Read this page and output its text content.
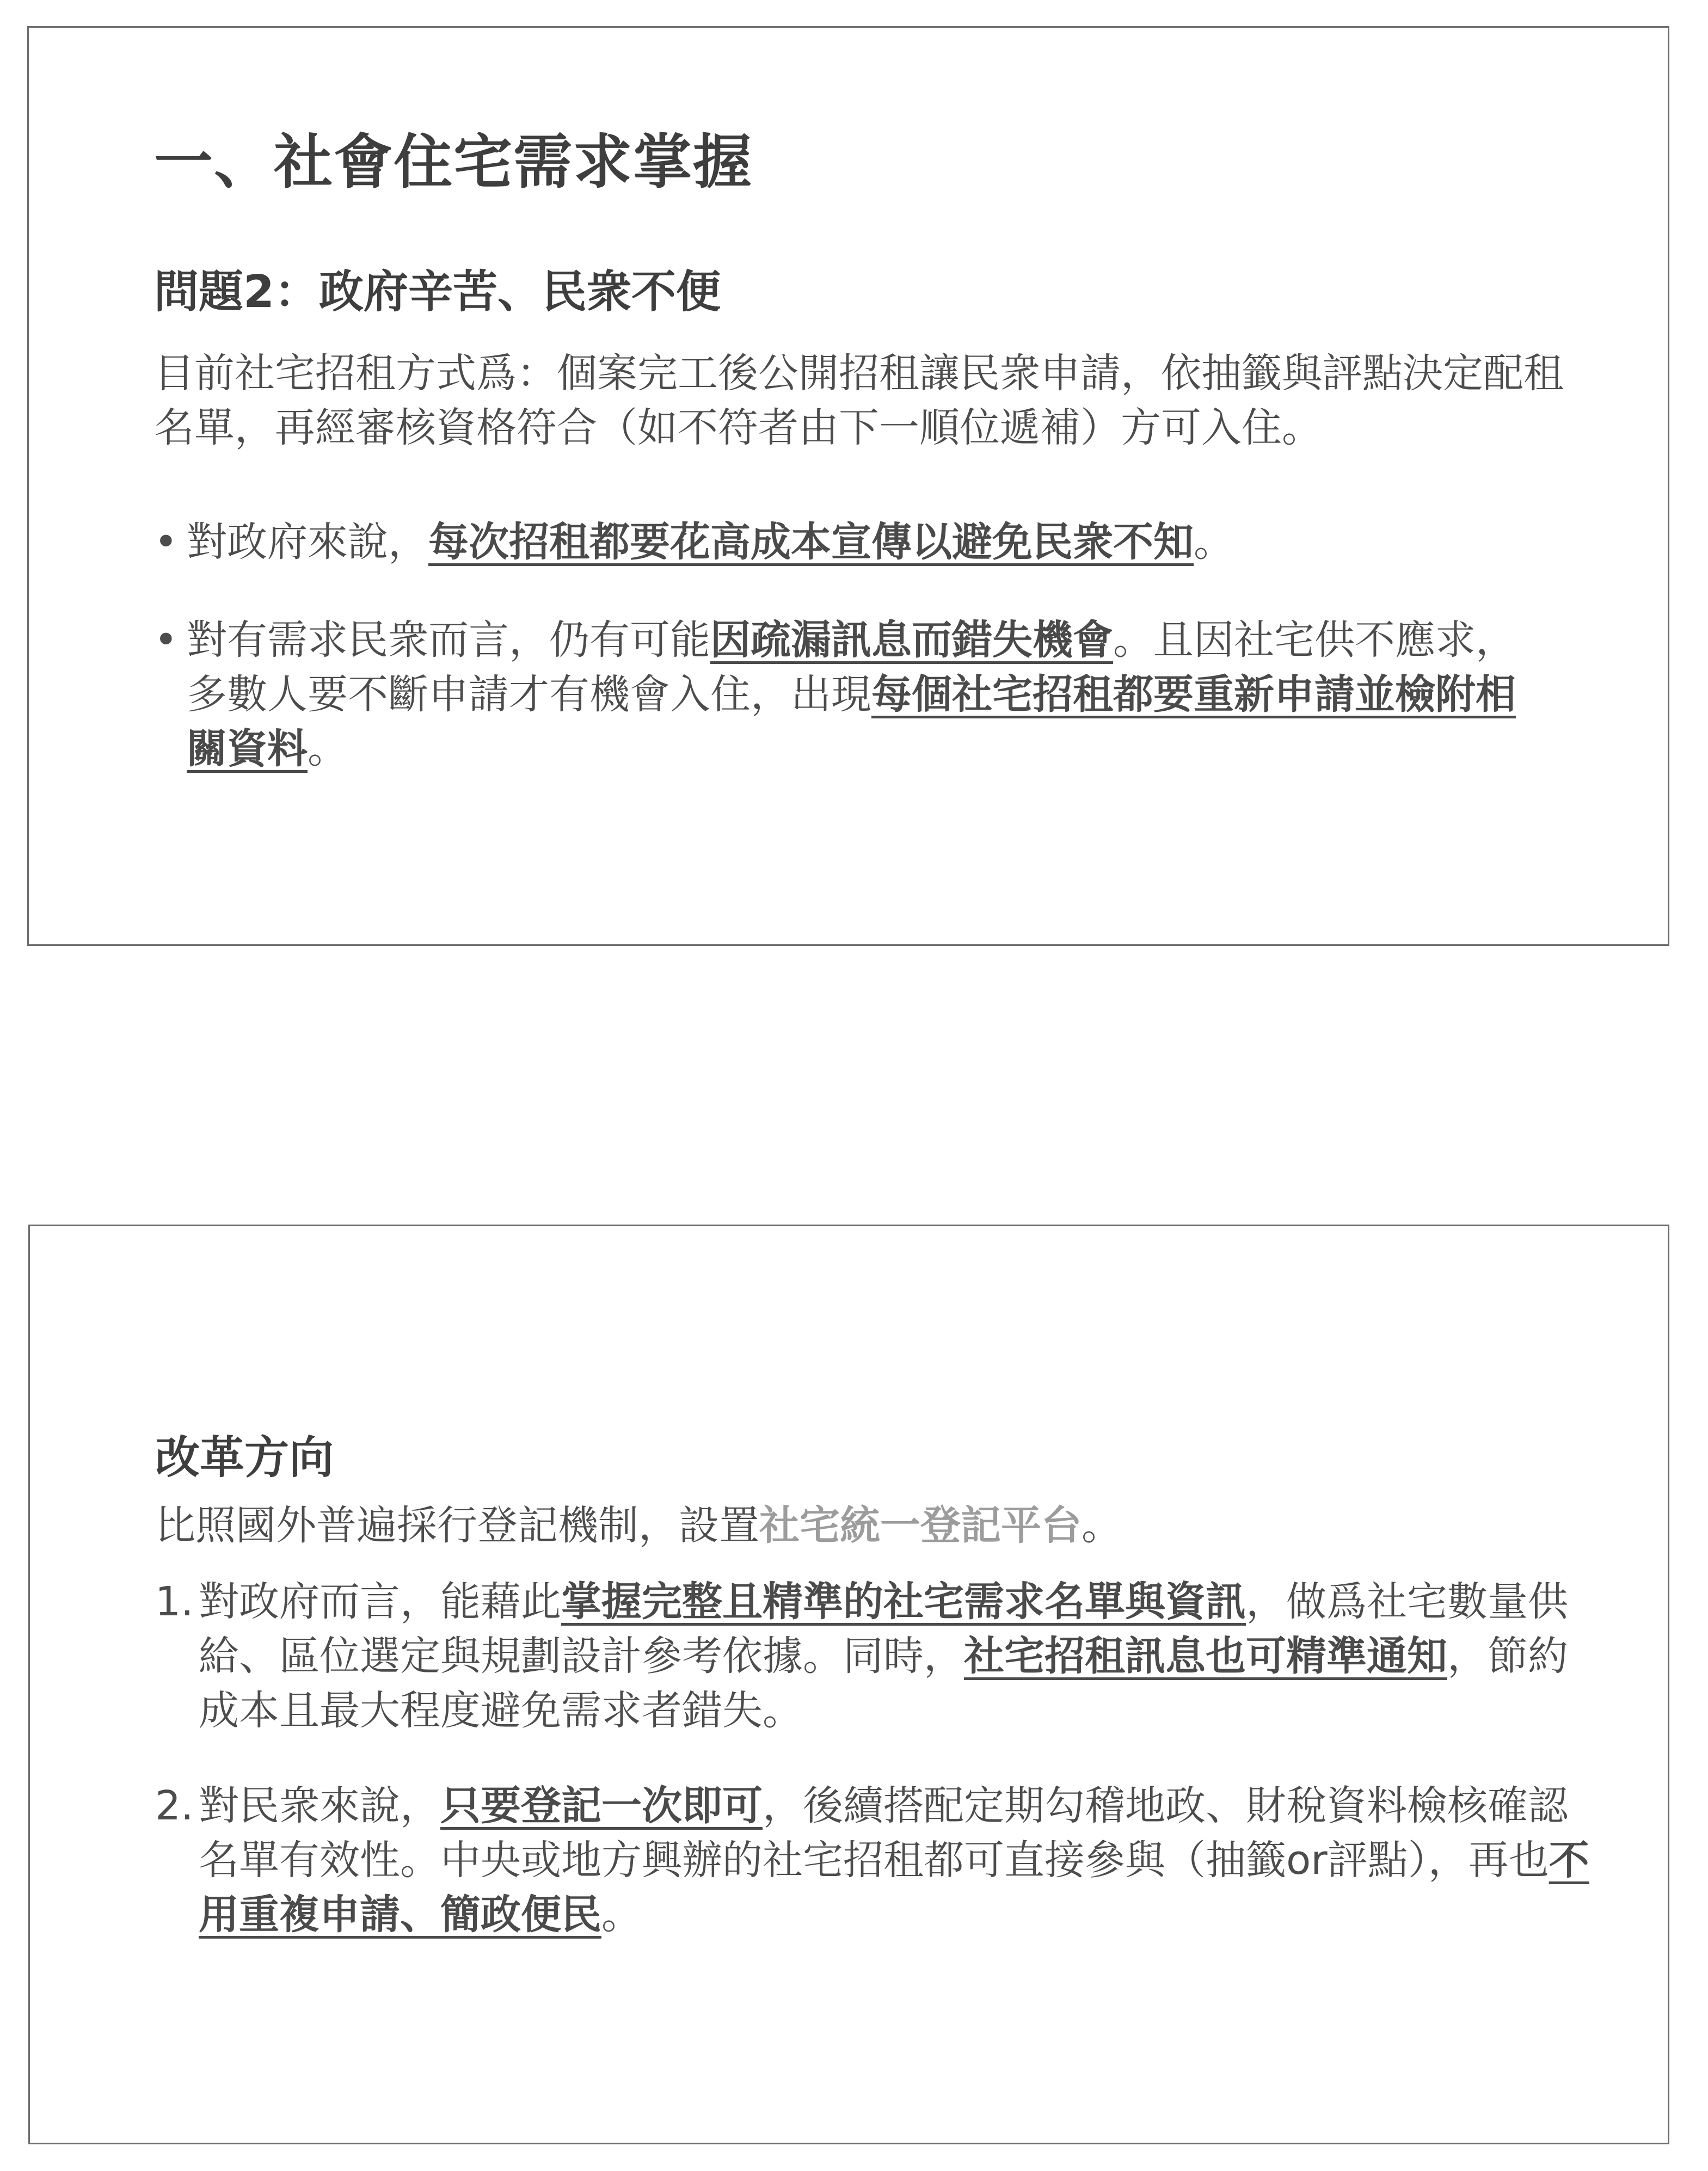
一、社會住宅需求掌握
問題2：政府辛苦、民衆不便

目前社宅招租方式爲：個案完工後公開招租讓民衆申請，依抽籤與評點決定配租名單，再經審核資格符合（如不符者由下一順位遞補）方可入住。

• 對政府來說，每次招租都要花高成本宣傳以避免民衆不知。

• 對有需求民衆而言，仍有可能因疏漏訊息而錯失機會。且因社宅供不應求，多數人要不斷申請才有機會入住，出現每個社宅招租都要重新申請並檢附相關資料。

改革方向

比照國外普遍採行登記機制，設置社宅統一登記平台。

1. 對政府而言，能藉此掌握完整且精準的社宅需求名單與資訊，做爲社宅數量供給、區位選定與規劃設計參考依據。同時，社宅招租訊息也可精準通知，節約成本且最大程度避免需求者錯失。

2. 對民衆來說，只要登記一次即可，後續搭配定期勾稽地政、財稅資料檢核確認名單有效性。中央或地方興辦的社宅招租都可直接參與（抽籤or評點），再也不用重複申請、簡政便民。
